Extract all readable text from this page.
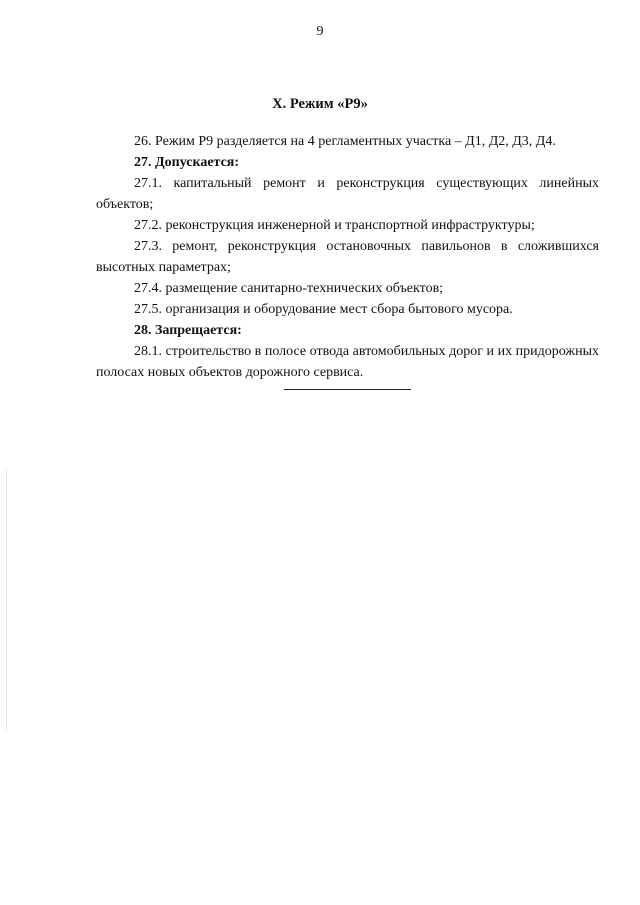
9
X. Режим «Р9»

26. Режим Р9 разделяется на 4 регламентных участка – Д1, Д2, Д3, Д4.

27. Допускается:

27.1. капитальный ремонт и реконструкция существующих линейных объектов;

27.2. реконструкция инженерной и транспортной инфраструктуры;

27.3. ремонт, реконструкция остановочных павильонов в сложившихся высотных параметрах;

27.4. размещение санитарно-технических объектов;

27.5. организация и оборудование мест сбора бытового мусора.

28. Запрещается:

28.1. строительство в полосе отвода автомобильных дорог и их придорожных полосах новых объектов дорожного сервиса.
